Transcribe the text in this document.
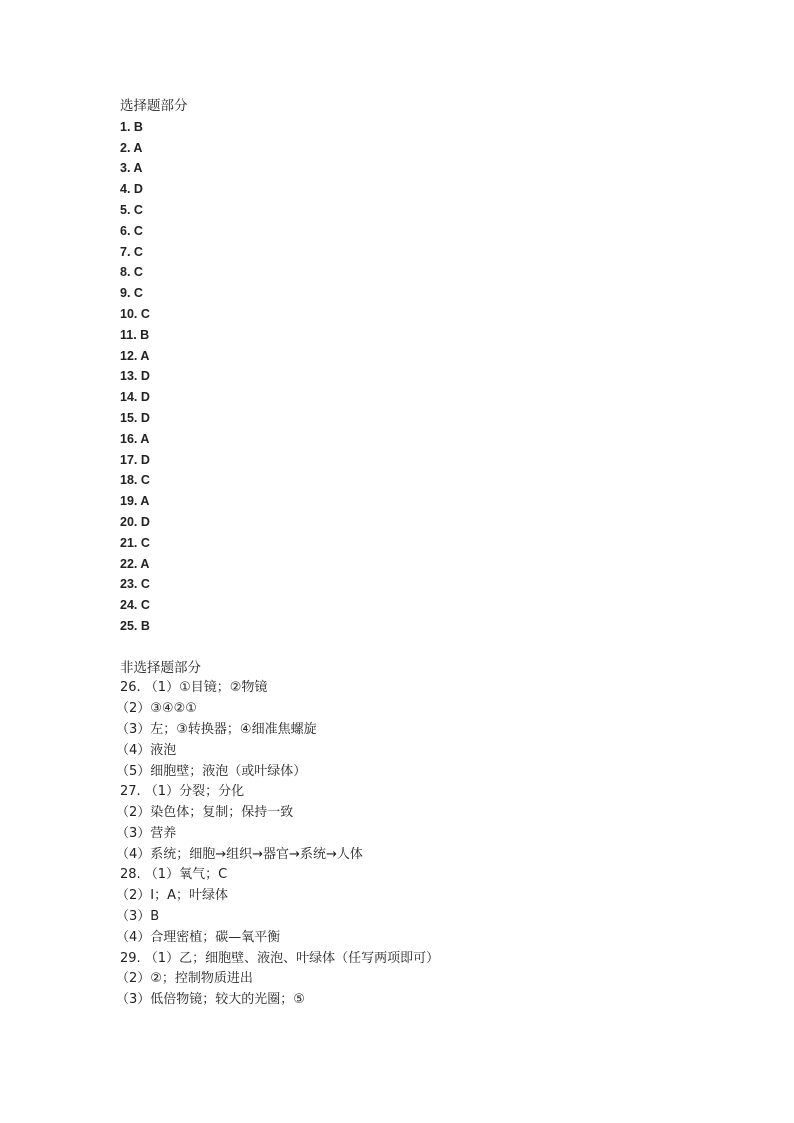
选择题部分
1. B
2. A
3. A
4. D
5. C
6. C
7. C
8. C
9. C
10. C
11. B
12. A
13. D
14. D
15. D
16. A
17. D
18. C
19. A
20. D
21. C
22. A
23. C
24. C
25. B
非选择题部分
26. （1）①目镜；②物镜
（2）③④②①
（3）左；③转换器；④细准焦螺旋
（4）液泡
（5）细胞壁；液泡（或叶绿体）
27. （1）分裂；分化
（2）染色体；复制；保持一致
（3）营养
（4）系统；细胞→组织→器官→系统→人体
28. （1）氧气；C
（2）Ⅰ；A；叶绿体
（3）B
（4）合理密植；碳—氧平衡
29. （1）乙；细胞壁、液泡、叶绿体（任写两项即可）
（2）②；控制物质进出
（3）低倍物镜；较大的光圈；⑤
